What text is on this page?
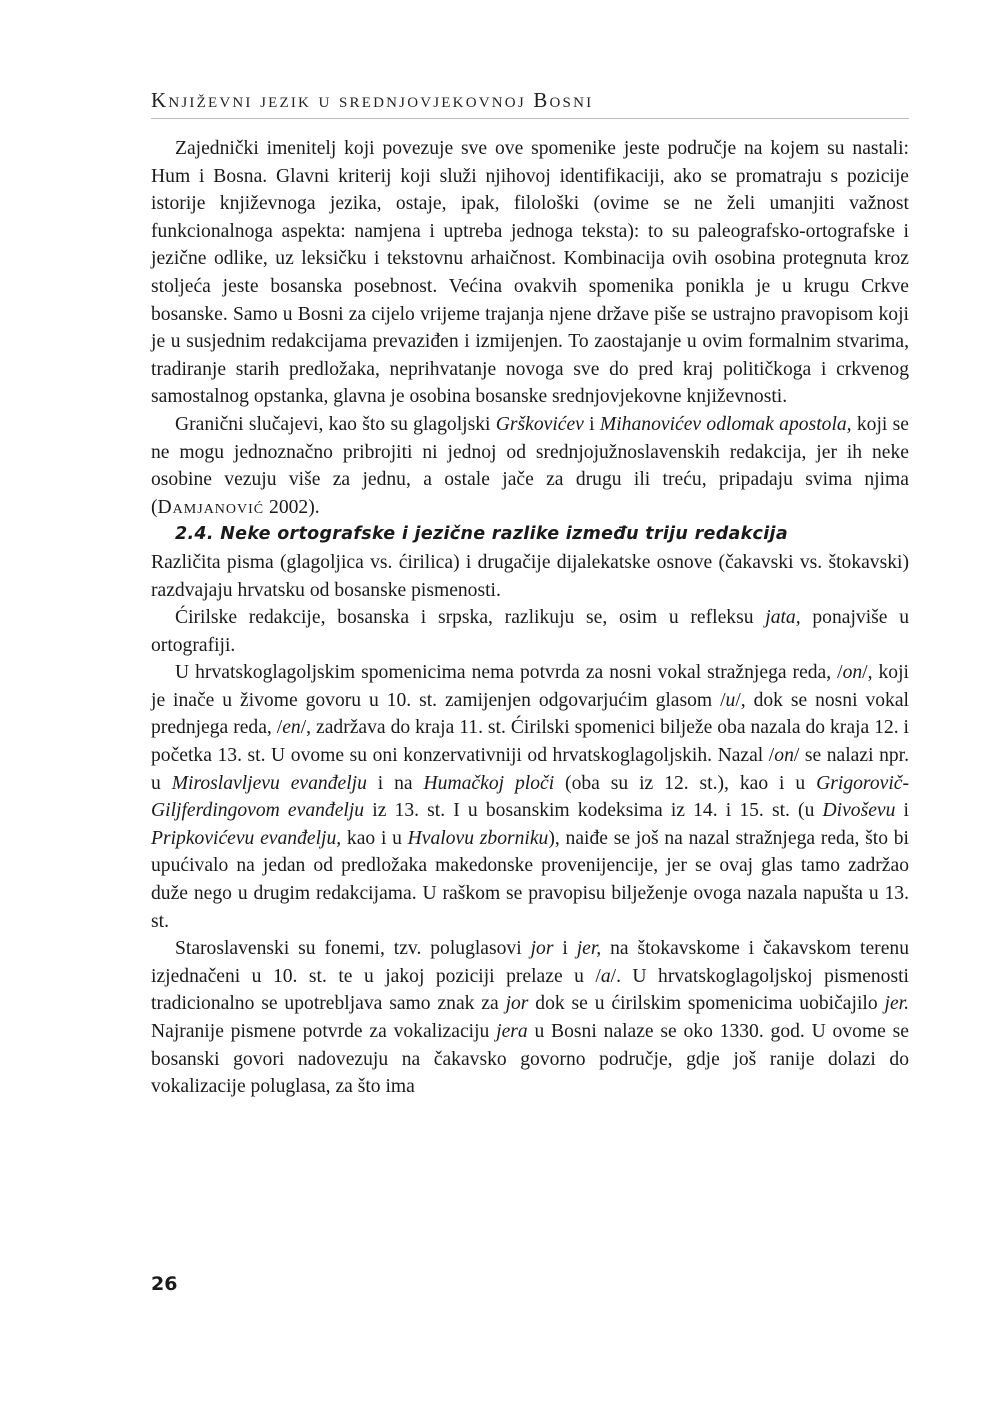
Književni jezik u srednjovjekovnoj Bosni

Zajednički imenitelj koji povezuje sve ove spomenike jeste područje na kojem su nastali: Hum i Bosna. Glavni kriterij koji služi njihovoj identifikaciji, ako se promatraju s pozicije istorije književnoga jezika, ostaje, ipak, filološki (ovime se ne želi umanjiti važnost funkcionalnoga aspekta: namjena i uptreba jednoga teksta): to su paleografsko-ortografske i jezične odlike, uz leksičku i tekstovnu arhaičnost. Kombinacija ovih osobina protegnuta kroz stoljeća jeste bosanska posebnost. Većina ovakvih spomenika ponikla je u krugu Crkve bosanske. Samo u Bosni za cijelo vrijeme trajanja njene države piše se ustrajno pravopisom koji je u susjednim redakcijama prevaziđen i izmijenjen. To zaostajanje u ovim formalnim stvarima, tradiranje starih predložaka, neprihvatanje novoga sve do pred kraj političkoga i crkvenog samostalnog opstanka, glavna je osobina bosanske srednjovjekovne književnosti.

Granični slučajevi, kao što su glagoljski Grškovićev i Mihanovićev odlomak apostola, koji se ne mogu jednoznačno pribrojiti ni jednoj od srednjojužnoslavenskih redakcija, jer ih neke osobine vezuju više za jednu, a ostale jače za drugu ili treću, pripadaju svima njima (Damjanović 2002).

2.4. Neke ortografske i jezične razlike između triju redakcija

Različita pisma (glagoljica vs. ćirilica) i drugačije dijalekatske osnove (čakavski vs. štokavski) razdvajaju hrvatsku od bosanske pismenosti.

Ćirilske redakcije, bosanska i srpska, razlikuju se, osim u refleksu jata, ponajviše u ortografiji.

U hrvatskoglagoljskim spomenicima nema potvrda za nosni vokal stražnjega reda, /on/, koji je inače u živome govoru u 10. st. zamijenjen odgovarjućim glasom /u/, dok se nosni vokal prednjega reda, /en/, zadržava do kraja 11. st. Ćirilski spomenici bilježe oba nazala do kraja 12. i početka 13. st. U ovome su oni konzervativniji od hrvatskoglagoljskih. Nazal /on/ se nalazi npr. u Miroslavljevu evanđelju i na Humačkoj ploči (oba su iz 12. st.), kao i u Grigorovič-Giljferdingovom evanđelju iz 13. st. I u bosanskim kodeksima iz 14. i 15. st. (u Divoševu i Pripkovićevu evanđelju, kao i u Hvalovu zborniku), naiđe se još na nazal stražnjega reda, što bi upućivalo na jedan od predložaka makedonske provenijencije, jer se ovaj glas tamo zadržao duže nego u drugim redakcijama. U raškom se pravopisu bilježenje ovoga nazala napušta u 13. st.

Staroslavenski su fonemi, tzv. poluglasovi jor i jer, na štokavskome i čakavskom terenu izjednačeni u 10. st. te u jakoj poziciji prelaze u /a/. U hrvatskoglagoljskoj pismenosti tradicionalno se upotrebljava samo znak za jor dok se u ćirilskim spomenicima uobičajilo jer. Najranije pismene potvrde za vokalizaciju jera u Bosni nalaze se oko 1330. god. U ovome se bosanski govori nadovezuju na čakavsko govorno područje, gdje još ranije dolazi do vokalizacije poluglasa, za što ima

26
